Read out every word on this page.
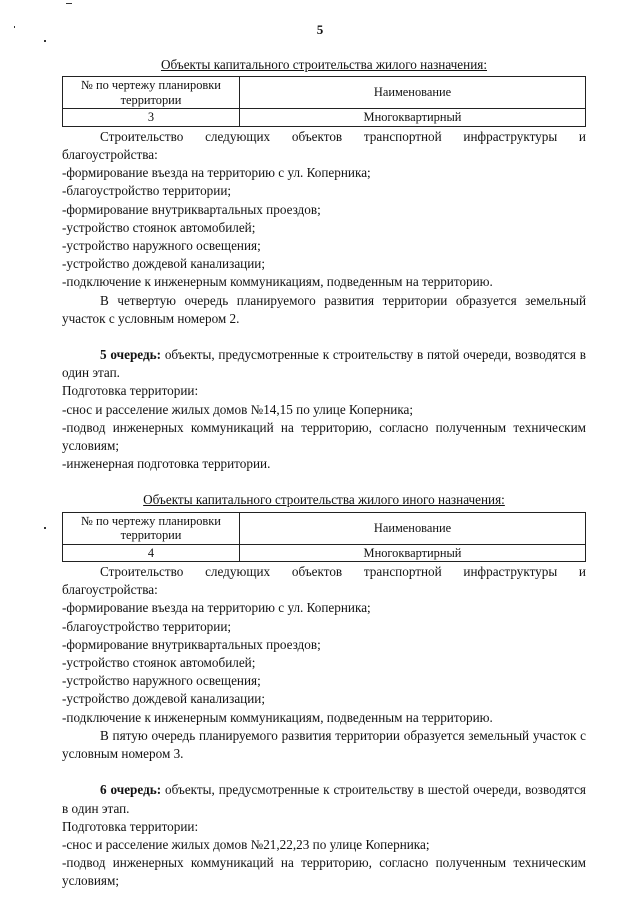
5

Объекты капитального строительства жилого назначения:

№ по чертежу планировки территории	Наименование
3	Многоквартирный

Строительство следующих объектов транспортной инфраструктуры и благоустройства:

-формирование въезда на территорию с ул. Коперника;

-благоустройство территории;

-формирование внутриквартальных проездов;

-устройство стоянок автомобилей;

-устройство наружного освещения;

-устройство дождевой канализации;

-подключение к инженерным коммуникациям, подведенным на территорию.

В четвертую очередь планируемого развития территории образуется земельный участок с условным номером 2.

5 очередь: объекты, предусмотренные к строительству в пятой очереди, возводятся в один этап.

Подготовка территории:

-снос и расселение жилых домов №14,15 по улице Коперника;

-подвод инженерных коммуникаций на территорию, согласно полученным техническим условиям;

-инженерная подготовка территории.

Объекты капитального строительства жилого иного назначения:

№ по чертежу планировки территории	Наименование
4	Многоквартирный

Строительство следующих объектов транспортной инфраструктуры и благоустройства:

-формирование въезда на территорию с ул. Коперника;

-благоустройство территории;

-формирование внутриквартальных проездов;

-устройство стоянок автомобилей;

-устройство наружного освещения;

-устройство дождевой канализации;

-подключение к инженерным коммуникациям, подведенным на территорию.

В пятую очередь планируемого развития территории образуется земельный участок с условным номером 3.

6 очередь: объекты, предусмотренные к строительству в шестой очереди, возводятся в один этап.

Подготовка территории:

-снос и расселение жилых домов №21,22,23 по улице Коперника;

-подвод инженерных коммуникаций на территорию, согласно полученным техническим условиям;
